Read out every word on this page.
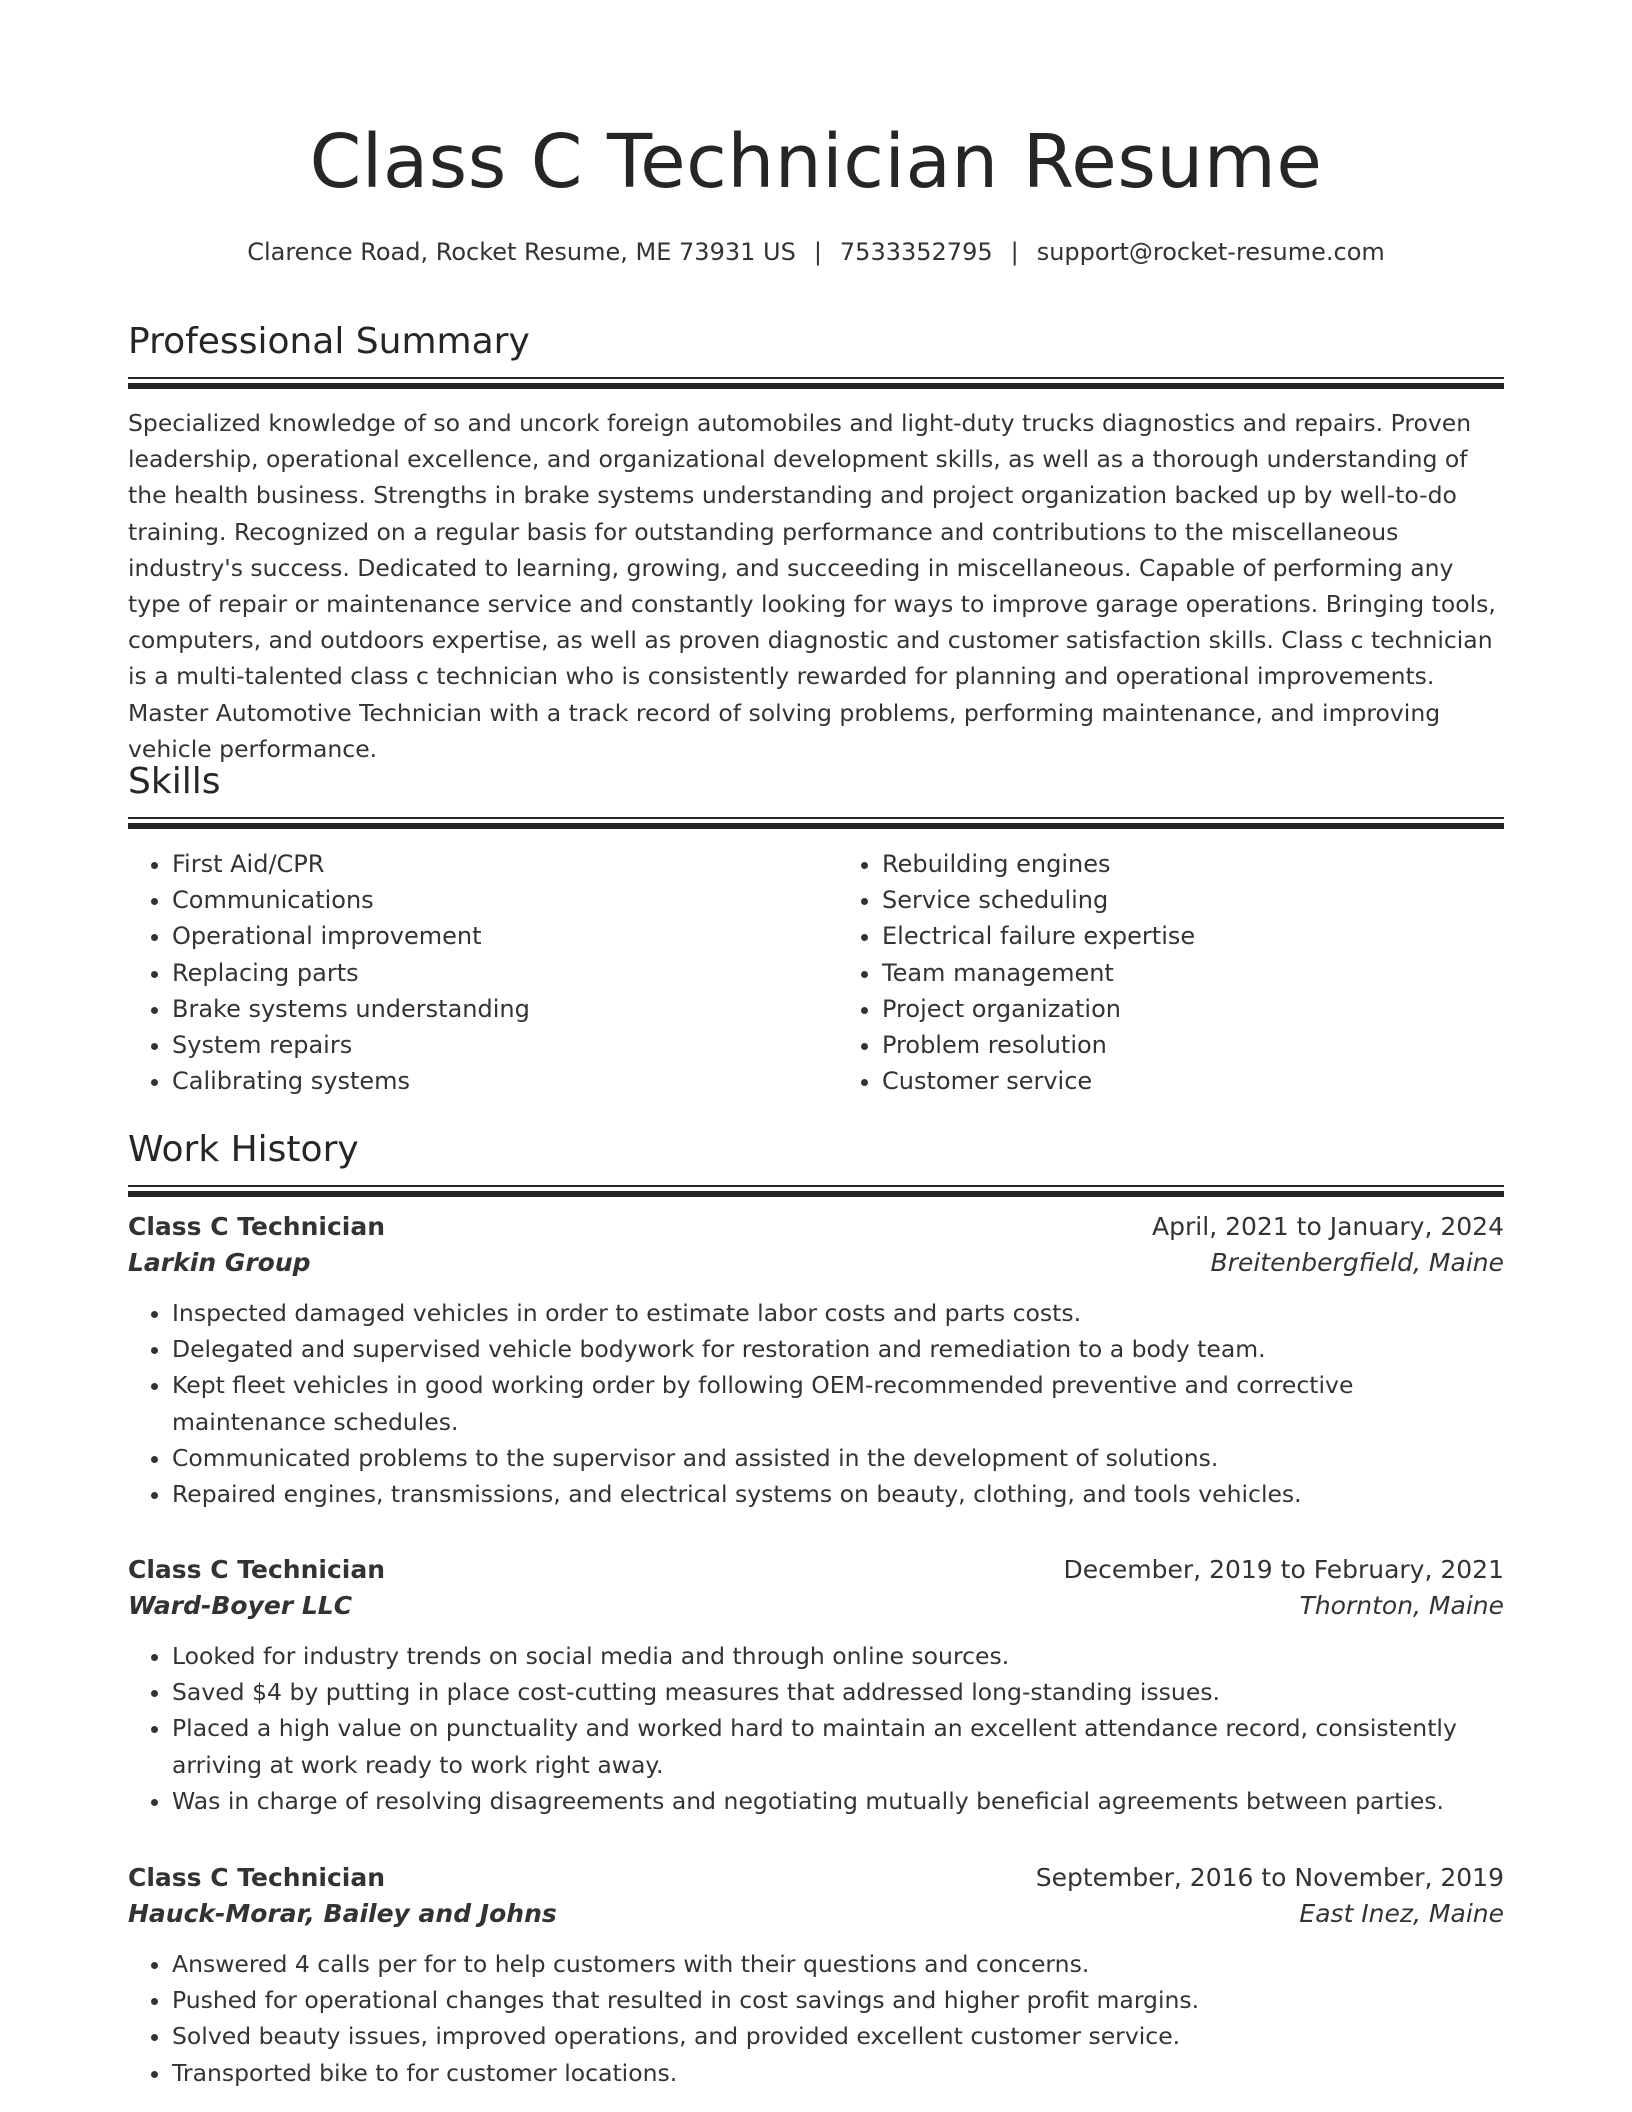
Class C Technician Resume
Clarence Road, Rocket Resume, ME 73931 US | 7533352795 | support@rocket-resume.com
Professional Summary
Specialized knowledge of so and uncork foreign automobiles and light-duty trucks diagnostics and repairs. Proven leadership, operational excellence, and organizational development skills, as well as a thorough understanding of the health business. Strengths in brake systems understanding and project organization backed up by well-to-do training. Recognized on a regular basis for outstanding performance and contributions to the miscellaneous industry's success. Dedicated to learning, growing, and succeeding in miscellaneous. Capable of performing any type of repair or maintenance service and constantly looking for ways to improve garage operations. Bringing tools, computers, and outdoors expertise, as well as proven diagnostic and customer satisfaction skills. Class c technician is a multi-talented class c technician who is consistently rewarded for planning and operational improvements. Master Automotive Technician with a track record of solving problems, performing maintenance, and improving vehicle performance.
Skills
• First Aid/CPR
• Communications
• Operational improvement
• Replacing parts
• Brake systems understanding
• System repairs
• Calibrating systems
• Rebuilding engines
• Service scheduling
• Electrical failure expertise
• Team management
• Project organization
• Problem resolution
• Customer service
Work History
Class C Technician	April, 2021 to January, 2024
Larkin Group	Breitenbergfield, Maine
• Inspected damaged vehicles in order to estimate labor costs and parts costs.
• Delegated and supervised vehicle bodywork for restoration and remediation to a body team.
• Kept fleet vehicles in good working order by following OEM-recommended preventive and corrective maintenance schedules.
• Communicated problems to the supervisor and assisted in the development of solutions.
• Repaired engines, transmissions, and electrical systems on beauty, clothing, and tools vehicles.
Class C Technician	December, 2019 to February, 2021
Ward-Boyer LLC	Thornton, Maine
• Looked for industry trends on social media and through online sources.
• Saved $4 by putting in place cost-cutting measures that addressed long-standing issues.
• Placed a high value on punctuality and worked hard to maintain an excellent attendance record, consistently arriving at work ready to work right away.
• Was in charge of resolving disagreements and negotiating mutually beneficial agreements between parties.
Class C Technician	September, 2016 to November, 2019
Hauck-Morar, Bailey and Johns	East Inez, Maine
• Answered 4 calls per for to help customers with their questions and concerns.
• Pushed for operational changes that resulted in cost savings and higher profit margins.
• Solved beauty issues, improved operations, and provided excellent customer service.
• Transported bike to for customer locations.
